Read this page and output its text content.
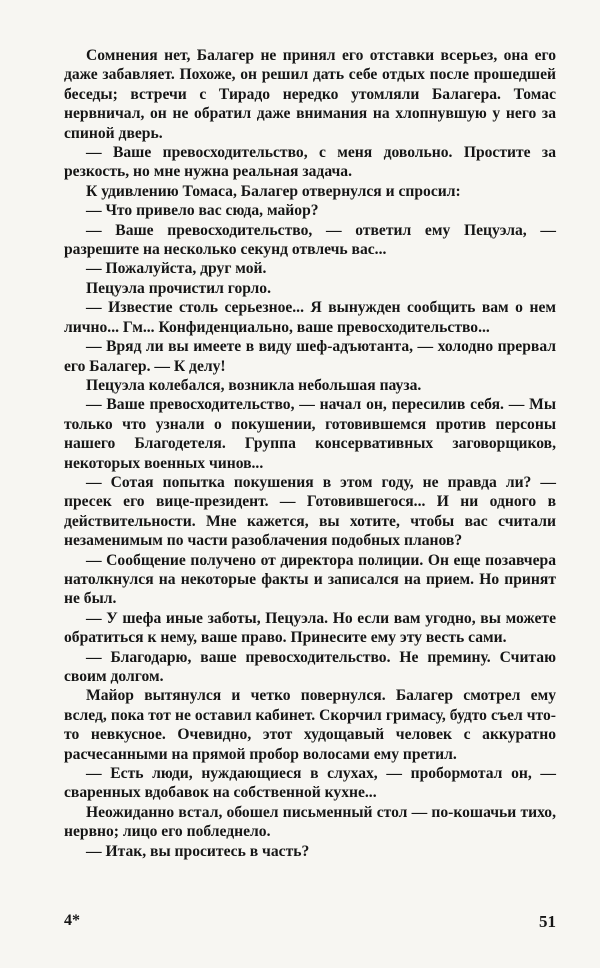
Сомнения нет, Балагер не принял его отставки всерьез, она его даже забавляет. Похоже, он решил дать себе отдых после прошедшей беседы; встречи с Тирадо нередко утомляли Балагера. Томас нервничал, он не обратил даже внимания на хлопнувшую у него за спиной дверь.

— Ваше превосходительство, с меня довольно. Простите за резкость, но мне нужна реальная задача.

К удивлению Томаса, Балагер отвернулся и спросил:

— Что привело вас сюда, майор?

— Ваше превосходительство, — ответил ему Пецуэла, — разрешите на несколько секунд отвлечь вас...

— Пожалуйста, друг мой.

Пецуэла прочистил горло.

— Известие столь серьезное... Я вынужден сообщить вам о нем лично... Гм... Конфиденциально, ваше превосходительство...

— Вряд ли вы имеете в виду шеф-адъютанта, — холодно прервал его Балагер. — К делу!

Пецуэла колебался, возникла небольшая пауза.

— Ваше превосходительство, — начал он, пересилив себя. — Мы только что узнали о покушении, готовившемся против персоны нашего Благодетеля. Группа консервативных заговорщиков, некоторых военных чинов...

— Сотая попытка покушения в этом году, не правда ли? — пресек его вице-президент. — Готовившегося... И ни одного в действительности. Мне кажется, вы хотите, чтобы вас считали незаменимым по части разоблачения подобных планов?

— Сообщение получено от директора полиции. Он еще позавчера натолкнулся на некоторые факты и записался на прием. Но принят не был.

— У шефа иные заботы, Пецуэла. Но если вам угодно, вы можете обратиться к нему, ваше право. Принесите ему эту весть сами.

— Благодарю, ваше превосходительство. Не премину. Считаю своим долгом.

Майор вытянулся и четко повернулся. Балагер смотрел ему вслед, пока тот не оставил кабинет. Скорчил гримасу, будто съел что-то невкусное. Очевидно, этот худощавый человек с аккуратно расчесанными на прямой пробор волосами ему претил.

— Есть люди, нуждающиеся в слухах, — пробормотал он, — сваренных вдобавок на собственной кухне...

Неожиданно встал, обошел письменный стол — по-кошачьи тихо, нервно; лицо его побледнело.

— Итак, вы проситесь в часть?

4*	51
